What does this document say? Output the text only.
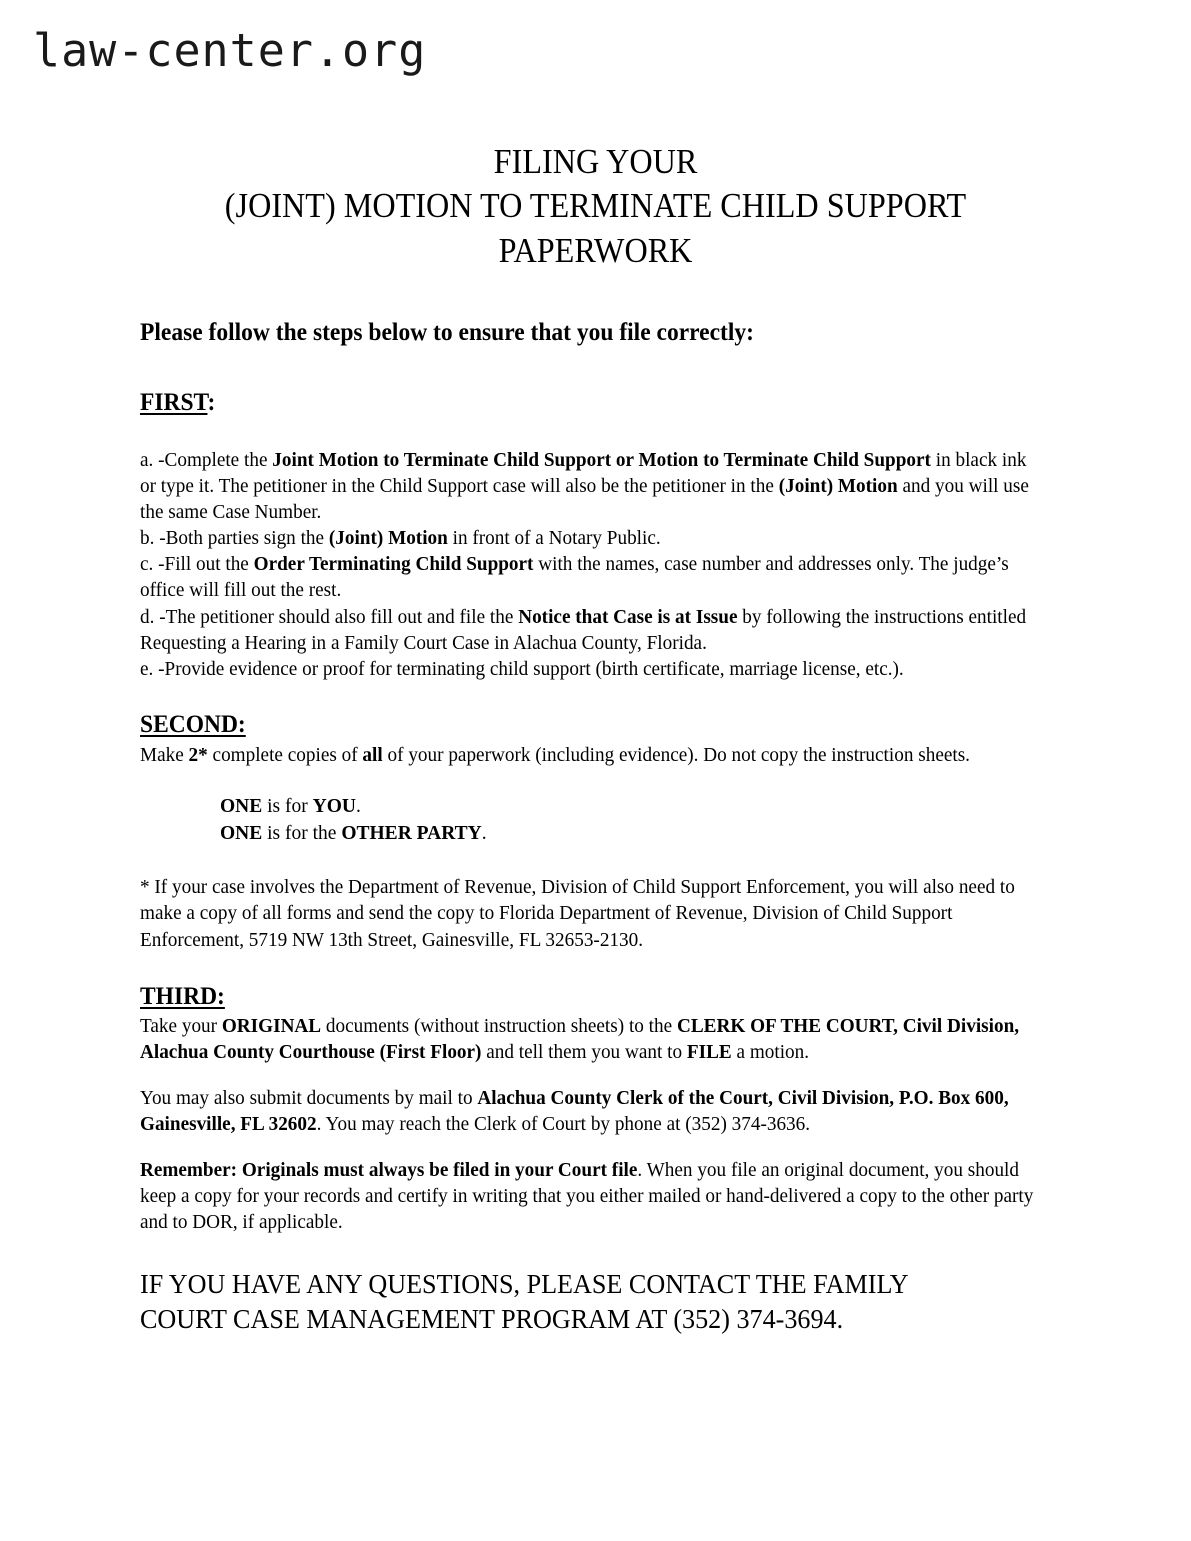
law-center.org
FILING YOUR
(JOINT) MOTION TO TERMINATE CHILD SUPPORT
PAPERWORK
Please follow the steps below to ensure that you file correctly:
FIRST:
a. -Complete the Joint Motion to Terminate Child Support or Motion to Terminate Child Support in black ink or type it. The petitioner in the Child Support case will also be the petitioner in the (Joint) Motion and you will use the same Case Number.
b. -Both parties sign the (Joint) Motion in front of a Notary Public.
c. -Fill out the Order Terminating Child Support with the names, case number and addresses only. The judge’s office will fill out the rest.
d. -The petitioner should also fill out and file the Notice that Case is at Issue by following the instructions entitled Requesting a Hearing in a Family Court Case in Alachua County, Florida.
e. -Provide evidence or proof for terminating child support (birth certificate, marriage license, etc.).
SECOND:
Make 2* complete copies of all of your paperwork (including evidence). Do not copy the instruction sheets.
ONE is for YOU.
ONE is for the OTHER PARTY.
* If your case involves the Department of Revenue, Division of Child Support Enforcement, you will also need to make a copy of all forms and send the copy to Florida Department of Revenue, Division of Child Support Enforcement, 5719 NW 13th Street, Gainesville, FL 32653-2130.
THIRD:
Take your ORIGINAL documents (without instruction sheets) to the CLERK OF THE COURT, Civil Division, Alachua County Courthouse (First Floor) and tell them you want to FILE a motion.
You may also submit documents by mail to Alachua County Clerk of the Court, Civil Division, P.O. Box 600, Gainesville, FL 32602. You may reach the Clerk of Court by phone at (352) 374-3636.
Remember: Originals must always be filed in your Court file. When you file an original document, you should keep a copy for your records and certify in writing that you either mailed or hand-delivered a copy to the other party and to DOR, if applicable.
IF YOU HAVE ANY QUESTIONS, PLEASE CONTACT THE FAMILY
COURT CASE MANAGEMENT PROGRAM AT (352) 374-3694.
